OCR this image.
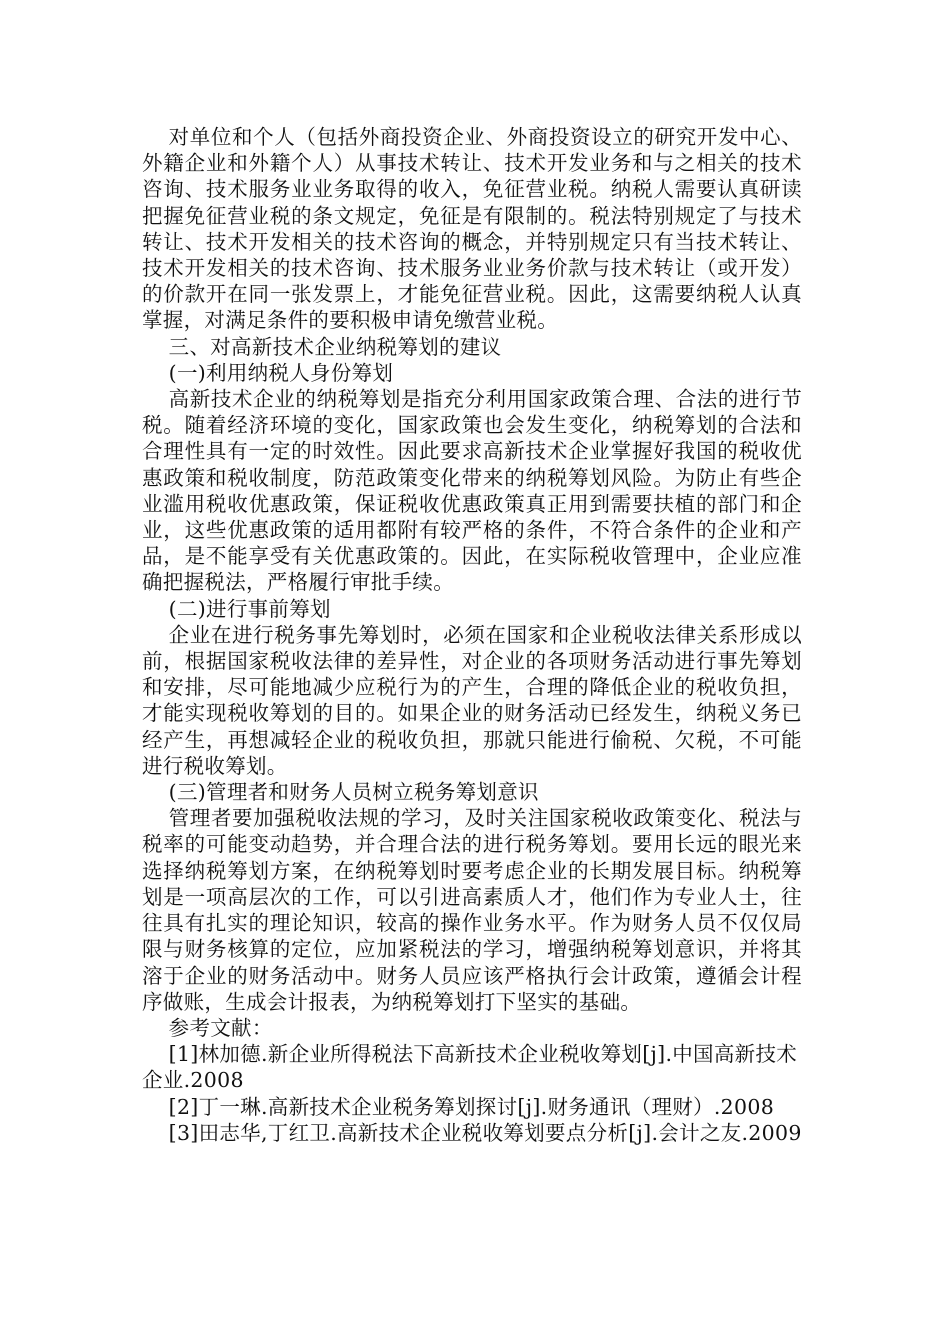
对单位和个人（包括外商投资企业、外商投资设立的研究开发中心、外籍企业和外籍个人）从事技术转让、技术开发业务和与之相关的技术咨询、技术服务业业务取得的收入，免征营业税。纳税人需要认真研读把握免征营业税的条文规定，免征是有限制的。税法特别规定了与技术转让、技术开发相关的技术咨询的概念，并特别规定只有当技术转让、技术开发相关的技术咨询、技术服务业业务价款与技术转让（或开发）的价款开在同一张发票上，才能免征营业税。因此，这需要纳税人认真掌握，对满足条件的要积极申请免缴营业税。

三、对高新技术企业纳税筹划的建议

(一)利用纳税人身份筹划

高新技术企业的纳税筹划是指充分利用国家政策合理、合法的进行节税。随着经济环境的变化，国家政策也会发生变化，纳税筹划的合法和合理性具有一定的时效性。因此要求高新技术企业掌握好我国的税收优惠政策和税收制度，防范政策变化带来的纳税筹划风险。为防止有些企业滥用税收优惠政策，保证税收优惠政策真正用到需要扶植的部门和企业，这些优惠政策的适用都附有较严格的条件，不符合条件的企业和产品，是不能享受有关优惠政策的。因此，在实际税收管理中，企业应准确把握税法，严格履行审批手续。

(二)进行事前筹划

企业在进行税务事先筹划时，必须在国家和企业税收法律关系形成以前，根据国家税收法律的差异性，对企业的各项财务活动进行事先筹划和安排，尽可能地减少应税行为的产生，合理的降低企业的税收负担，才能实现税收筹划的目的。如果企业的财务活动已经发生，纳税义务已经产生，再想减轻企业的税收负担，那就只能进行偷税、欠税，不可能进行税收筹划。

(三)管理者和财务人员树立税务筹划意识

管理者要加强税收法规的学习，及时关注国家税收政策变化、税法与税率的可能变动趋势，并合理合法的进行税务筹划。要用长远的眼光来选择纳税筹划方案，在纳税筹划时要考虑企业的长期发展目标。纳税筹划是一项高层次的工作，可以引进高素质人才，他们作为专业人士，往往具有扎实的理论知识，较高的操作业务水平。作为财务人员不仅仅局限与财务核算的定位，应加紧税法的学习，增强纳税筹划意识，并将其溶于企业的财务活动中。财务人员应该严格执行会计政策，遵循会计程序做账，生成会计报表，为纳税筹划打下坚实的基础。

参考文献：

[1]林加德.新企业所得税法下高新技术企业税收筹划[j].中国高新技术企业.2008

[2]丁一琳.高新技术企业税务筹划探讨[j].财务通讯（理财）.2008

[3]田志华,丁红卫.高新技术企业税收筹划要点分析[j].会计之友.2009
